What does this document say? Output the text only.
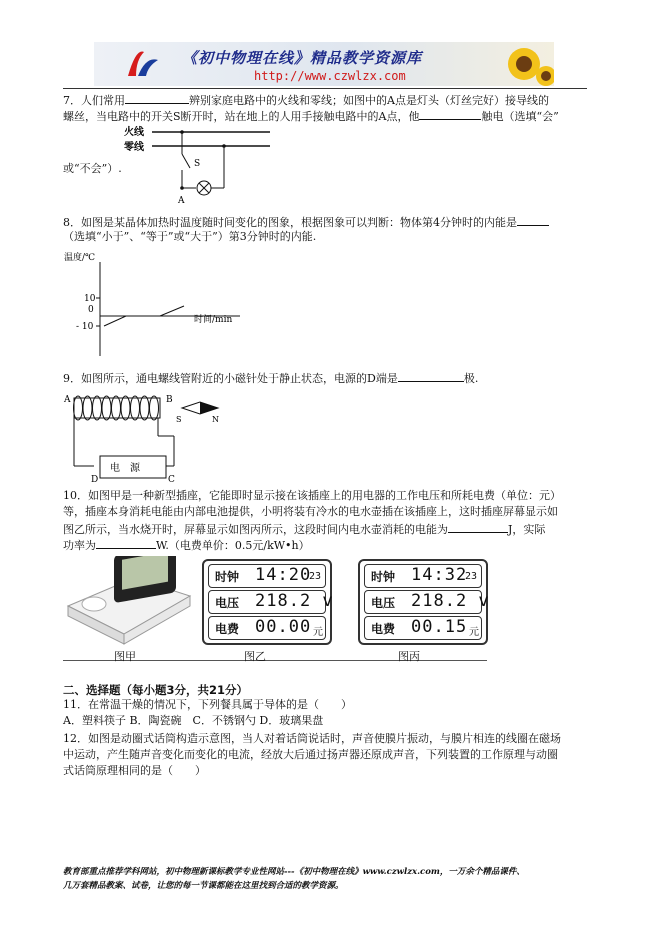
《初中物理在线》精品教学资源库
http://www.czwlzx.com
7．人们常用	辨别家庭电路中的火线和零线；如图中的A点是灯头（灯丝完好）接导线的
螺丝，当电路中的开关S断开时，站在地上的人用手接触电路中的A点，他	触电（选填“会”
火线
零线
S
A
或“不会”）.
8．如图是某晶体加热时温度随时间变化的图象，根据图象可以判断：物体第4分钟时的内能是
（选填“小于”、“等于”或“大于”）第3分钟时的内能.
温度/℃
10
0
- 10
时间/min
9．如图所示，通电螺线管附近的小磁针处于静止状态，电源的D端是	极.
A	B
电　源
D	C
S	N
10．如图甲是一种新型插座，它能即时显示接在该插座上的用电器的工作电压和所耗电费（单位：元）
等，插座本身消耗电能由内部电池提供，小明将装有冷水的电水壶插在该插座上，这时插座屏幕显示如
图乙所示，当水烧开时，屏幕显示如图丙所示，这段时间内电水壶消耗的电能为	J，实际
功率为	W.（电费单价：0.5元/kW•h）
时钟 14:20
23
电压 218.2 v
电费 00.00 元
时钟 14:32
23
电压 218.2 v
电费 00.15 元
图甲	图乙	图丙
二、选择题（每小题3分，共21分）
11．在常温干燥的情况下，下列餐具属于导体的是（　　）
A．塑料筷子 B．陶瓷碗　C．不锈钢勺 D．玻璃果盘
12．如图是动圈式话筒构造示意图，当人对着话筒说话时，声音使膜片振动，与膜片相连的线圈在磁场
中运动，产生随声音变化而变化的电流，经放大后通过扬声器还原成声音，下列装置的工作原理与动圈
式话筒原理相同的是（　　）
教育部重点推荐学科网站，初中物理新课标教学专业性网站---《初中物理在线》www.czwlzx.com，一万余个精品课件、
几万套精品教案、试卷，让您的每一节课都能在这里找到合适的教学资源。
